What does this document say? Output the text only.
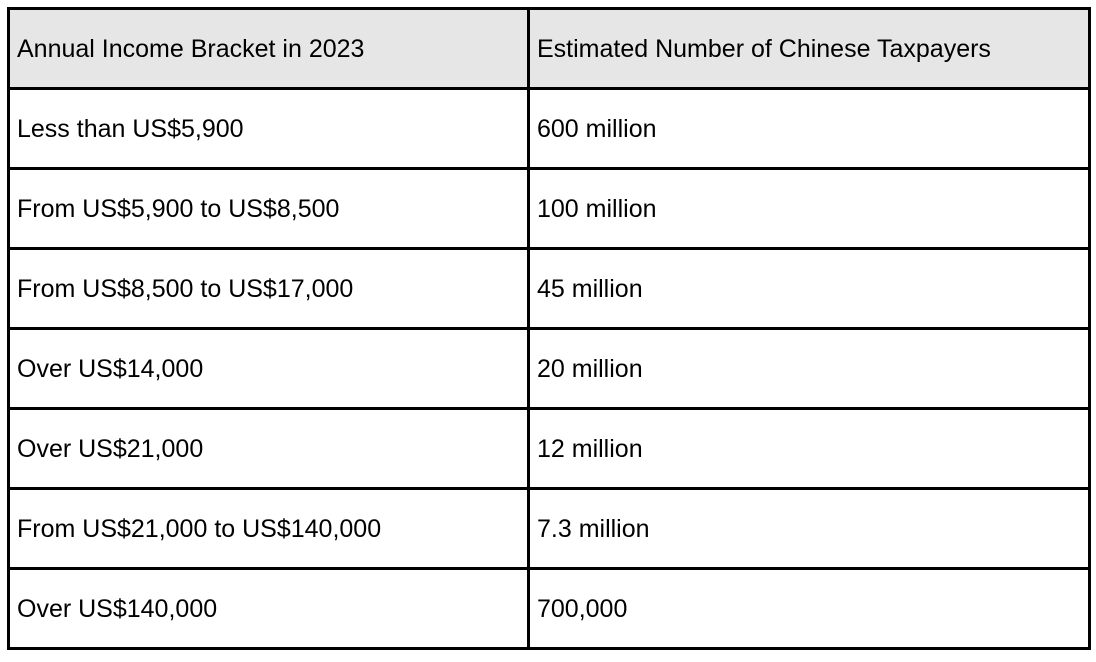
Annual Income Bracket in 2023	Estimated Number of Chinese Taxpayers
Less than US$5,900	600 million
From US$5,900 to US$8,500	100 million
From US$8,500 to US$17,000	45 million
Over US$14,000	20 million
Over US$21,000	12 million
From US$21,000 to US$140,000	7.3 million
Over US$140,000	700,000
